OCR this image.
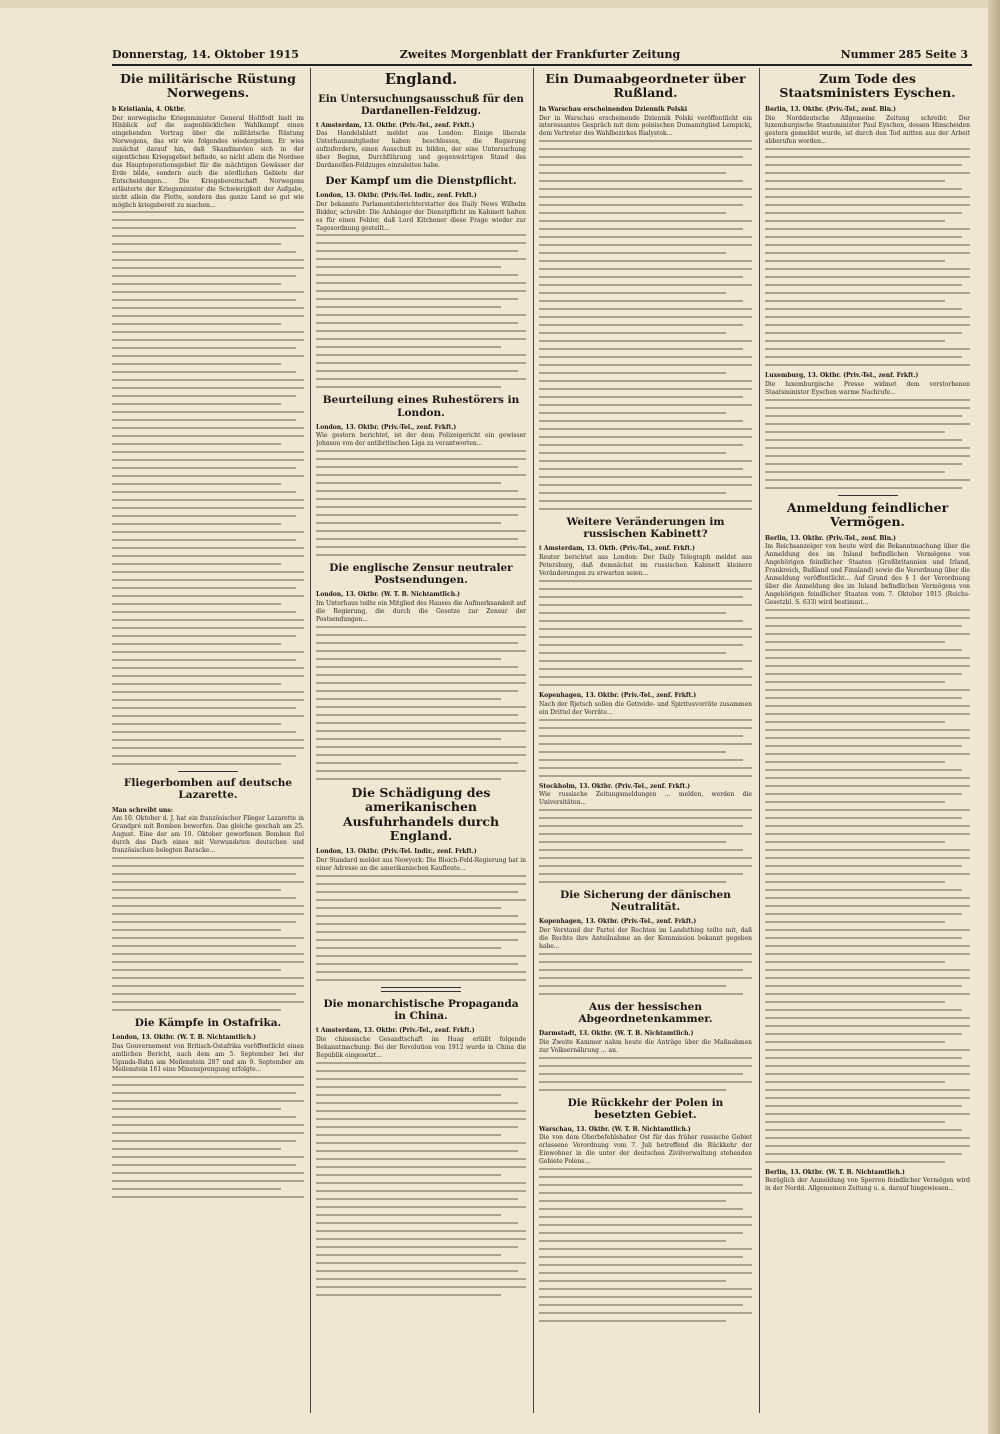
Donnerstag, 14. Oktober 1915	Zweites Morgenblatt der Frankfurter Zeitung	Nummer 285 Seite 3
Die militärische Rüstung Norwegens.

b Kristiania, 4. Oktbr.

Der norwegische Kriegsminister General Holtfodt hielt im Hinblick auf die augenblicklichen Wahlkampf einen eingehenden Vortrag über die militärische Rüstung Norwegens, das wir wie folgendes wiedergeben. Er wies zunächst darauf hin, daß Skandinavien sich in der eigentlichen Kriegsgebiet befinde, so nicht allein die Nordsee das Hauptoperationsgebiet für die mächtigen Gewässer der Erde bilde, sondern auch die nördlichen Gebiete der Entscheidungen... Die Kriegsbereitschaft Norwegens erläuterte der Kriegsminister die Schwierigkeit der Aufgabe, nicht allein die Flotte, sondern das ganze Land so gut wie möglich kriegsbereit zu machen...

Fliegerbomben auf deutsche Lazarette.

Man schreibt uns:

Am 10. Oktober d. J. hat ein französischer Flieger Lazarette in Grandpré mit Bomben beworfen. Das gleiche geschah am 25. August. Eine der am 10. Oktober geworfenen Bomben fiel durch das Dach eines mit Verwundeten deutschen und französischen belegten Baracke...

Die Kämpfe in Ostafrika.

London, 13. Oktbr. (W. T. B. Nichtamtlich.)

Das Gouvernement von Britisch-Ostafrika veröffentlicht einen amtlichen Bericht, nach dem am 5. September bei der Uganda-Bahn am Meilenstein 287 und am 9. September am Meilenstein 161 eine Minensprengung erfolgte...

England.
Ein Untersuchungsausschuß für den Dardanellen-Feldzug.

t Amsterdam, 13. Oktbr. (Priv.-Tel., zenf. Frkft.)

Das Handelsblatt meldet aus London: Einige liberale Unterhausmitglieder haben beschlossen, die Regierung aufzufordern, einen Ausschuß zu bilden, der eine Untersuchung über Beginn, Durchführung und gegenwärtigen Stand des Dardanellen-Feldzuges einzuleiten habe.

Der Kampf um die Dienstpflicht.

London, 13. Oktbr. (Priv.-Tel. Indir., zenf. Frkft.)

Der bekannte Parlamentsberichterstatter des Daily News Wilhelm Bidder, schreibt: Die Anhänger der Dienstpflicht im Kabinett halten es für einen Fehler, daß Lord Kitchener diese Frage wieder zur Tagesordnung gestellt...

Beurteilung eines Ruhestörers in London.

London, 13. Oktbr. (Priv.-Tel., zenf. Frkft.)

Wie gestern berichtet, ist der dem Polizeigericht ein gewisser Johnson von der antibritischen Liga zu verantworten...

Die englische Zensur neutraler Postsendungen.

London, 13. Oktbr. (W. T. B. Nichtamtlich.)

Im Unterhaus teilte ein Mitglied des Hauses die Aufmerksamkeit auf die Regierung, die durch die Gesetze zur Zensur der Postsendungen...

Die Schädigung des amerikanischen Ausfuhrhandels durch England.

London, 13. Oktbr. (Priv.-Tel. Indir., zenf. Frkft.)

Der Standard meldet aus Newyork: Die Bleich-Feld-Regierung hat in einer Adresse an die amerikanischen Kaufleute...

Die monarchistische Propaganda in China.

t Amsterdam, 13. Oktbr. (Priv.-Tel., zenf. Frkft.)

Die chinesische Gesandtschaft im Haag erläßt folgende Bekanntmachung: Bei der Revolution von 1912 wurde in China die Republik eingesetzt...

Ein Dumaabgeordneter über Rußland.

In Warschau erscheinenden Dziennik Polski

Der in Warschau erscheinende Dziennik Polski veröffentlicht ein interessantes Gespräch mit dem polnischen Dumamitglied Lempicki, dem Vertreter des Wahlbezirkes Bialystok...

Weitere Veränderungen im russischen Kabinett?

t Amsterdam, 13. Oktb. (Priv.-Tel., zenf. Frkft.)

Reuter berichtet aus London: Der Daily Telegraph meldet aus Petersburg, daß demnächst im russischen Kabinett kleinere Veränderungen zu erwarten seien...

Kopenhagen, 13. Oktbr. (Priv.-Tel., zenf. Frkft.)

Nach der Rjetsch sollen die Getreide- und Spiritusvorräte zusammen ein Drittel der Vorräte...

Stockholm, 13. Oktbr. (Priv.-Tel., zenf. Frkft.)

Wie russische Zeitungsmeldungen ... melden, werden die Universitäten...

Die Sicherung der dänischen Neutralität.

Kopenhagen, 13. Oktbr. (Priv.-Tel., zenf. Frkft.)

Der Vorstand der Partei der Rechten im Landsthing teilte mit, daß die Rechte ihre Anteilnahme an der Kommission bekannt gegeben habe...

Aus der hessischen Abgeordnetenkammer.

Darmstadt, 13. Oktbr. (W. T. B. Nichtamtlich.)

Die Zweite Kammer nahm heute die Anträge über die Maßnahmen zur Volksernährung ... an.

Die Rückkehr der Polen in besetzten Gebiet.

Warschau, 13. Oktbr. (W. T. B. Nichtamtlich.)

Die von dem Oberbefehlshaber Ost für das früher russische Gebiet erlassene Verordnung vom 7. Juli betreffend die Rückkehr der Einwohner in die unter der deutschen Zivilverwaltung stehenden Gebiete Polens...

Zum Tode des Staatsministers Eyschen.

Berlin, 13. Oktbr. (Priv.-Tel., zenf. Bln.)

Die Norddeutsche Allgemeine Zeitung schreibt: Der luxemburgische Staatsminister Paul Eyschen, dessen Hinscheiden gestern gemeldet wurde, ist durch den Tod mitten aus der Arbeit abberufen worden...

Luxemburg, 13. Oktbr. (Priv.-Tel., zenf. Frkft.)

Die luxemburgische Presse widmet dem verstorbenen Staatsminister Eyschen warme Nachrufe...

Anmeldung feindlicher Vermögen.

Berlin, 13. Oktbr. (Priv.-Tel., zenf. Bln.)

Im Reichsanzeiger von heute wird die Bekanntmachung über die Anmeldung des im Inland befindlichen Vermögens von Angehörigen feindlicher Staaten (Großbritannien und Irland, Frankreich, Rußland und Finnland) sowie die Verordnung über die Anmeldung veröffentlicht... Auf Grund des § 1 der Verordnung über die Anmeldung des im Inland befindlichen Vermögens von Angehörigen feindlicher Staaten vom 7. Oktober 1915 (Reichs-Gesetzbl. S. 633) wird bestimmt...

Berlin, 13. Oktbr. (W. T. B. Nichtamtlich.)

Bezüglich der Anmeldung von Sperren feindlicher Vermögen wird in der Nordd. Allgemeinen Zeitung u. a. darauf hingewiesen...
